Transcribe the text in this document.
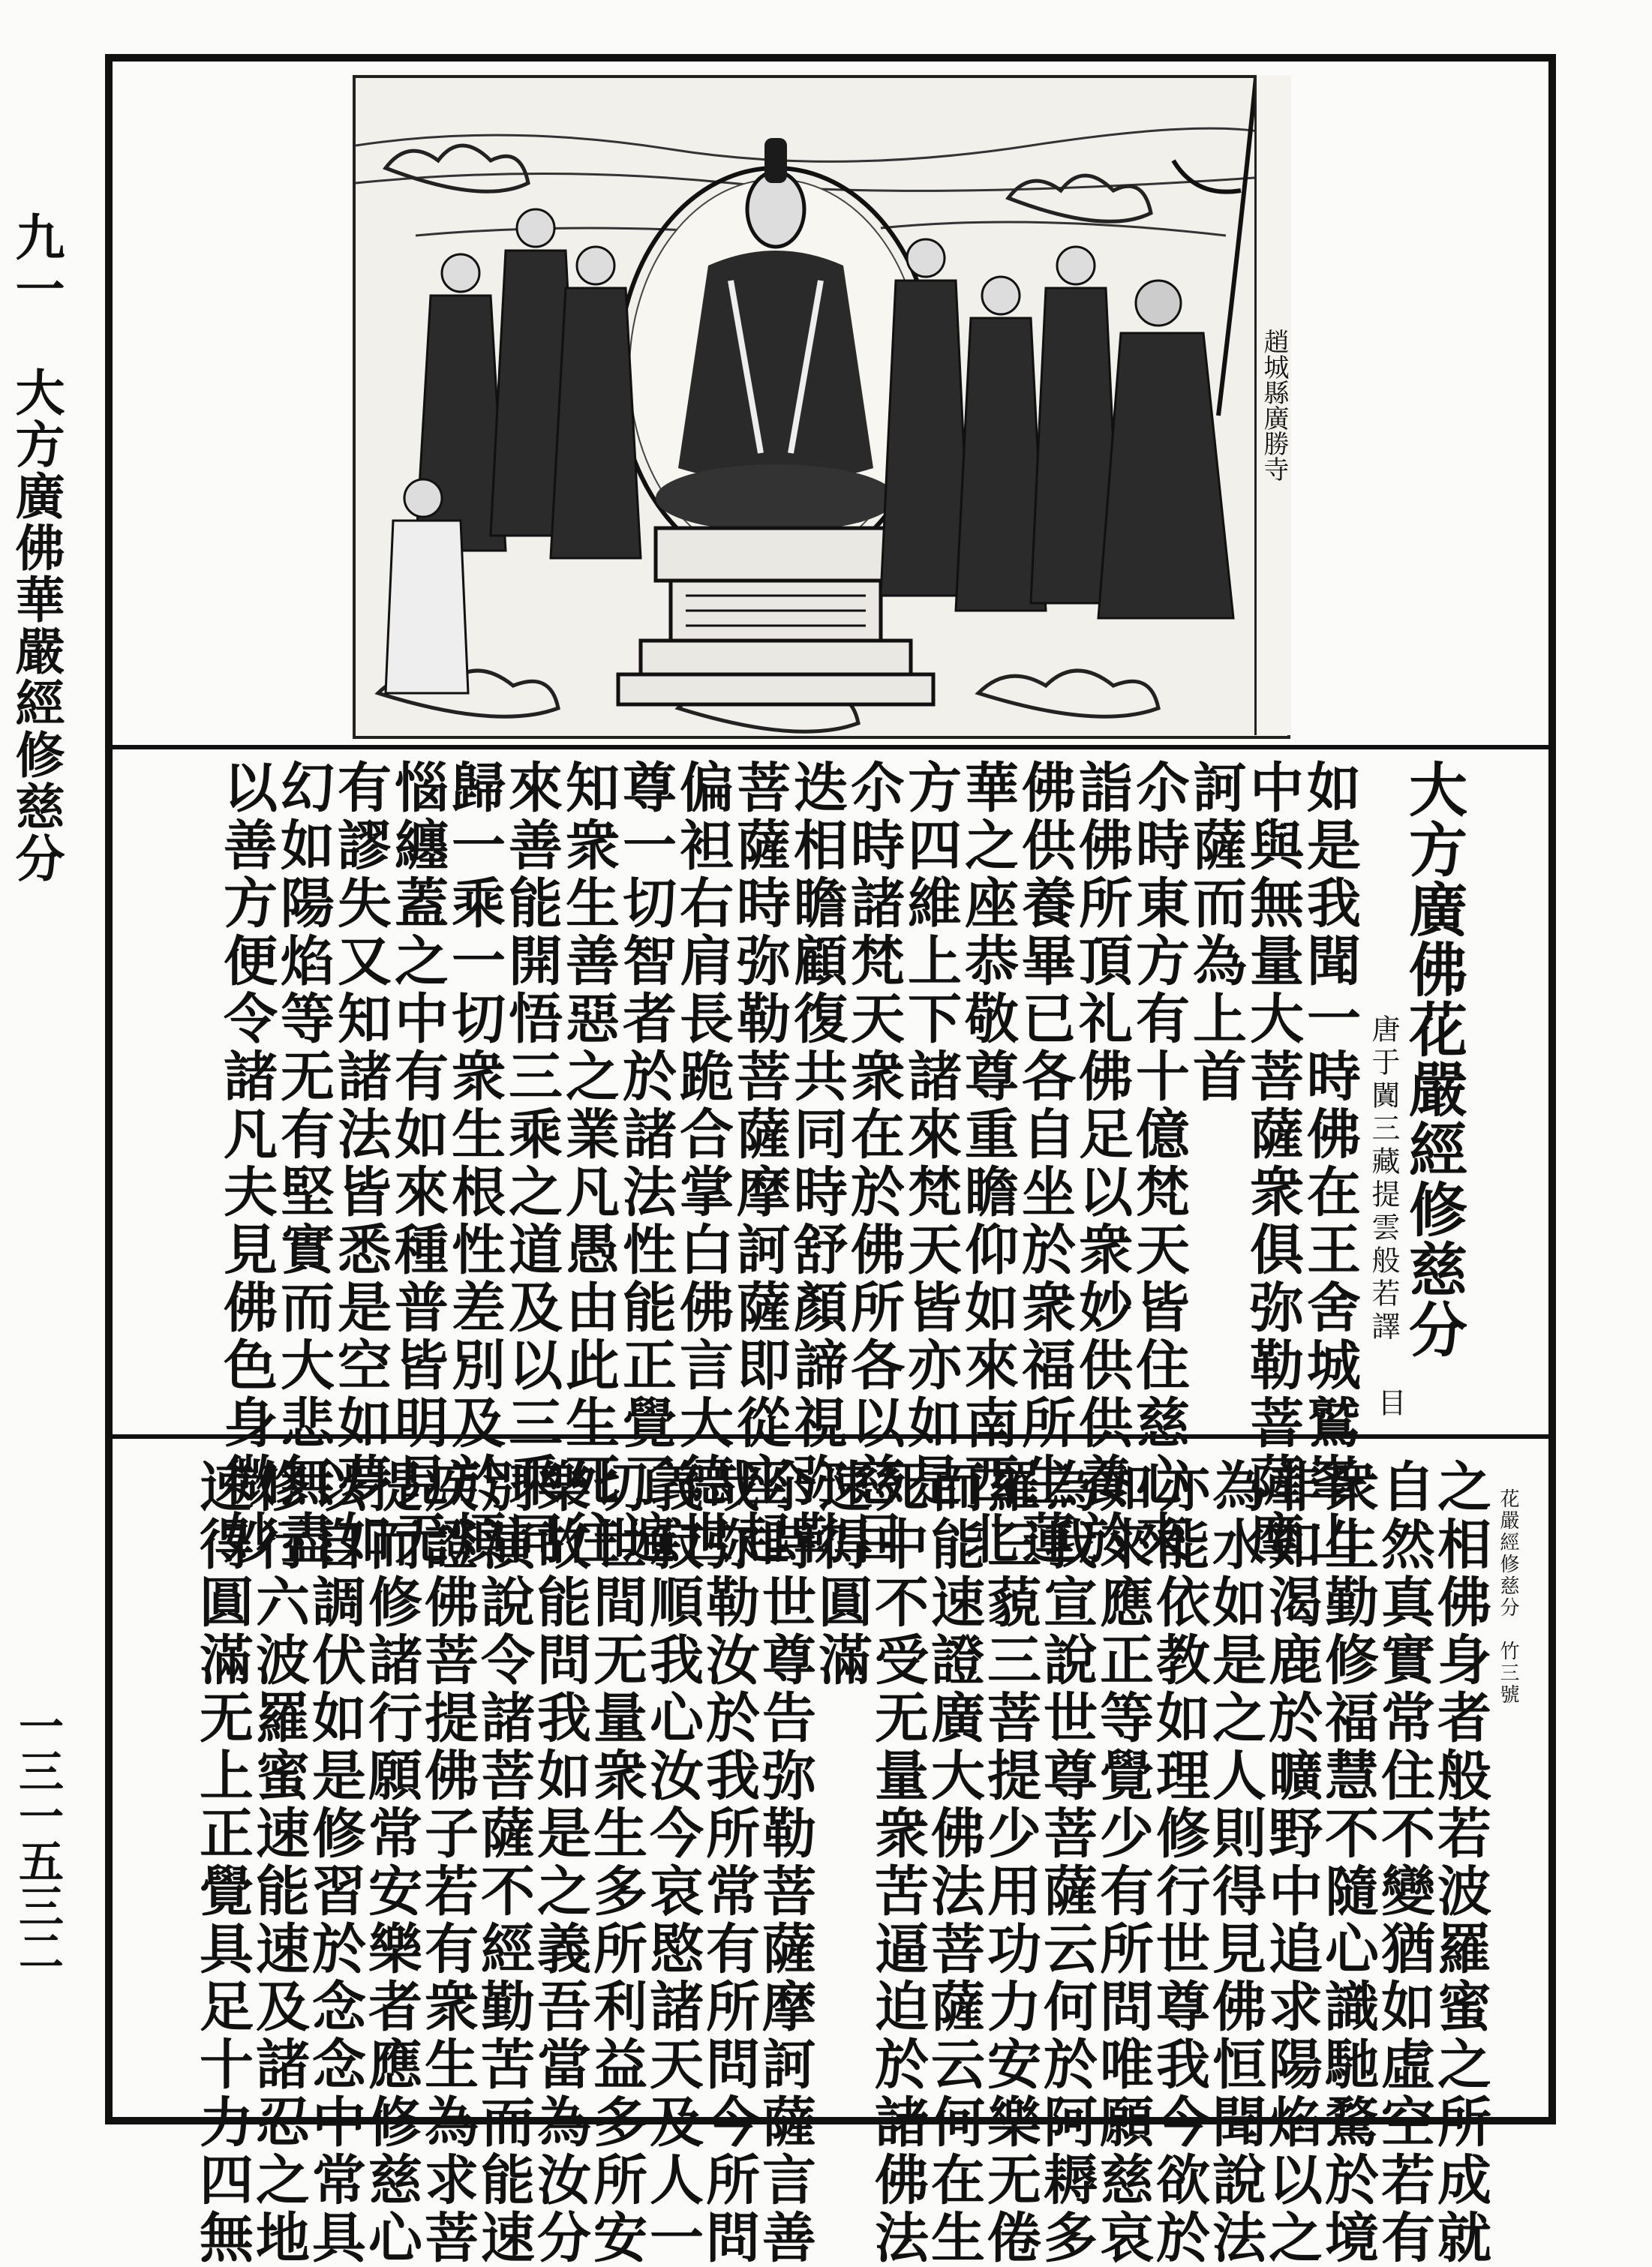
九一　大方廣佛華嚴經修慈分
一三一五三二
趙城縣廣勝寺
大方廣佛花嚴經修慈分
唐于闐三藏提雲般若譯
目
如是我聞一時佛在王舍城鷲峯山
中與無量大菩薩衆俱弥勒菩薩摩
訶薩而為上首
尒時東方有十億梵天皆住慈心來
詣佛所頂礼佛足以衆妙供供養於
佛供養畢已各自坐於衆福所生蓮
華之座恭敬尊重瞻仰如來南西北
方四維上下諸來梵天皆亦如是
尒時諸梵天衆在於佛所各以慈目
迭相瞻顧復共同時舒顏諦視弥勒
菩薩時弥勒菩薩摩訶薩即從座起
偏袒右肩長跪合掌白佛言大德世
尊一切智者於諸法性能正覺了遍
知衆生善惡之業凡愚由此生死往
來善能開悟三乘之道及以三乘同
歸一乘一切衆生根性差別及於煩
惱纏蓋之中有如來種普皆明見无
有謬失又知諸法皆悉是空如夢如
幻如陽焰等无有堅實而大悲無盡
以善方便令諸凡夫見佛色身微妙
花嚴經修慈分　竹三號
之相佛身者般若波羅蜜之所成就
自然真實常住不變猶如虛空若有
衆生勤修福慧不隨心識馳騖於境
非如渴鹿於曠野中追求陽焰以之
為水如是之人則得見佛恒聞說法
亦能依教如理修行世尊我今欲於
如來應正等覺少有所問唯願慈哀
為我宣說世尊菩薩云何於阿耨多
羅三藐三菩提少用功力安樂无倦
而能速證廣大佛法菩薩云何在生
死中不受无量衆苦逼迫於諸佛法
速得圓滿
尒時世尊告弥勒菩薩摩訶薩言善
哉弥勒汝於我所常有所問今所問
義寂順我心汝今哀愍諸天及人一
切世間无量衆生多所利益多所安
樂故能問我如是之義吾當為汝分
別演說令諸菩薩不經勤苦而能速
疾證佛菩提佛子若有衆生為求菩
提而修諸行願常安樂者應修慈心
以自調伏如是修習於念念中常具
修行六波羅蜜速能速及諸忍之地
速得圓滿无上正覺具足十力四無
